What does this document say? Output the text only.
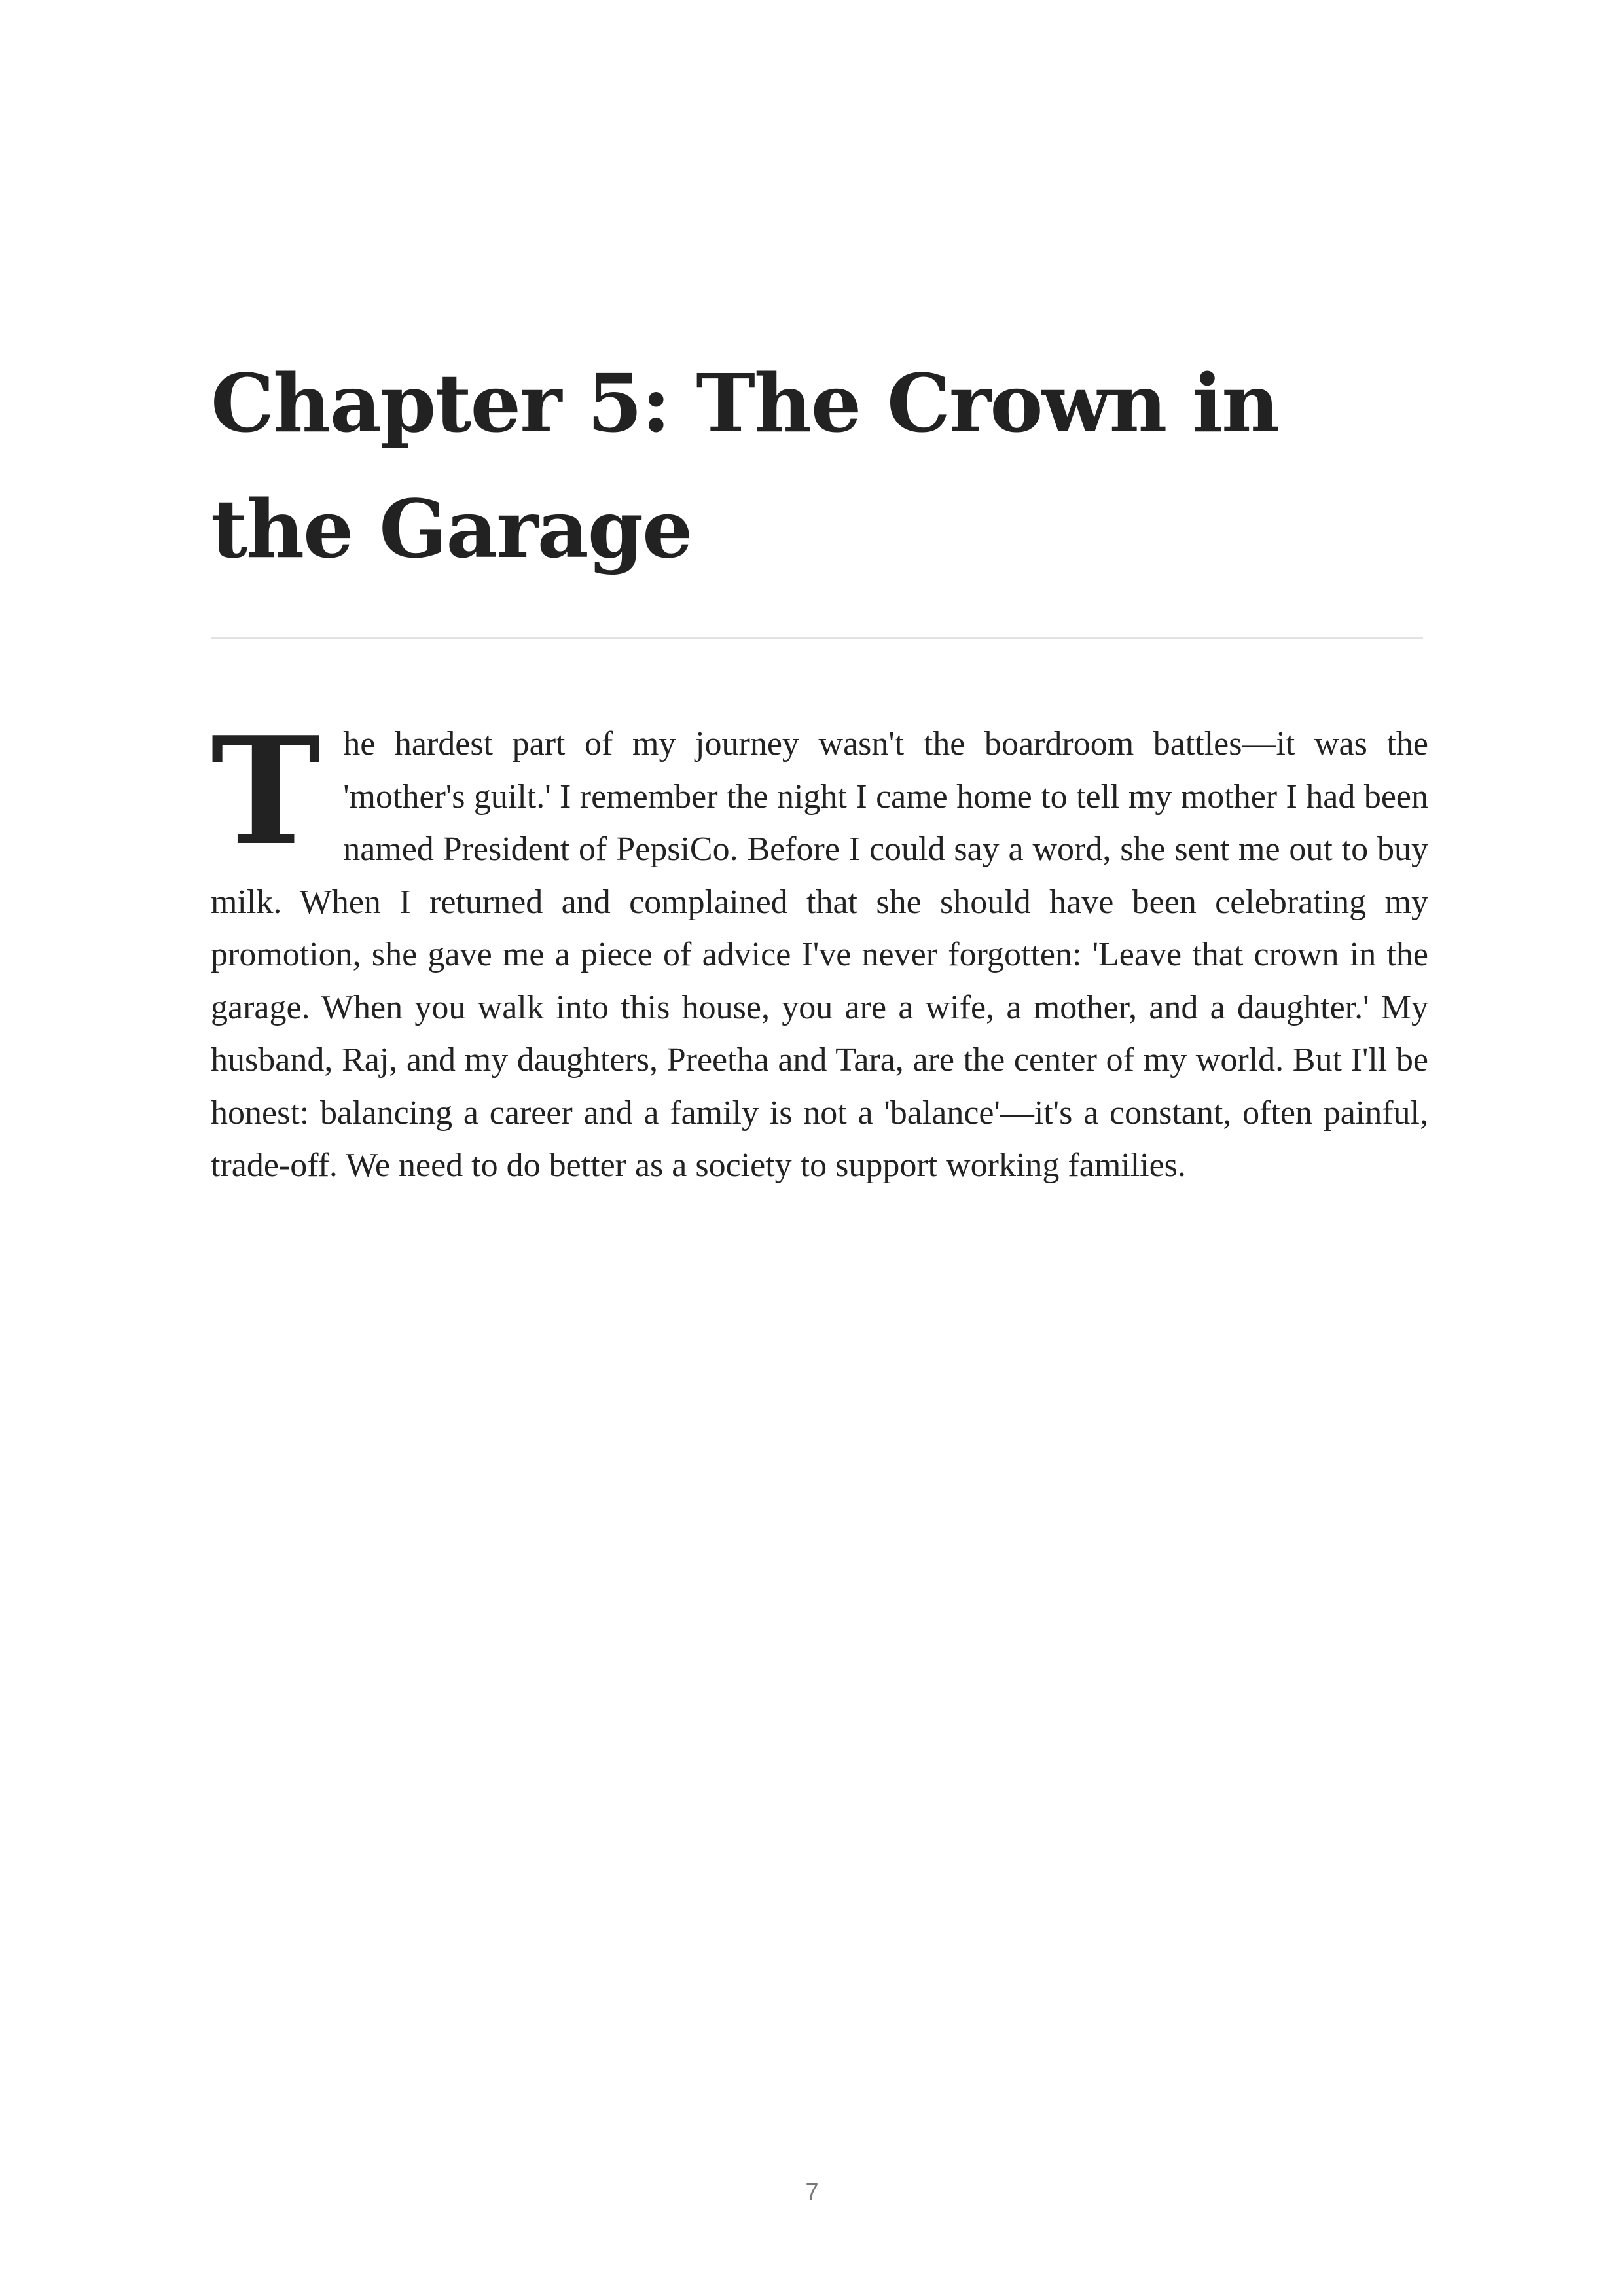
Chapter 5: The Crown in the Garage

The hardest part of my journey wasn't the boardroom battles—it was the 'mother's guilt.' I remember the night I came home to tell my mother I had been named President of PepsiCo. Before I could say a word, she sent me out to buy milk. When I returned and complained that she should have been celebrating my promotion, she gave me a piece of advice I've never forgotten: 'Leave that crown in the garage. When you walk into this house, you are a wife, a mother, and a daughter.' My husband, Raj, and my daughters, Preetha and Tara, are the center of my world. But I'll be honest: balancing a career and a family is not a 'balance'—it's a constant, often painful, trade-off. We need to do better as a society to support working families.

7
